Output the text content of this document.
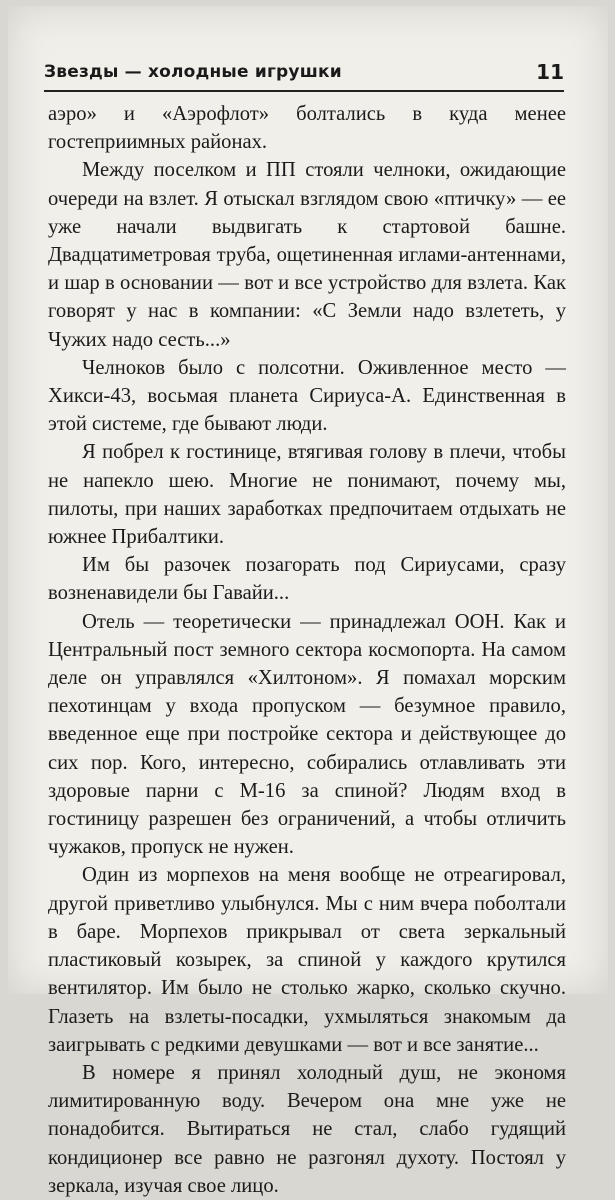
Звезды — холодные игрушки	11

аэро» и «Аэрофлот» болтались в куда менее гостеприимных районах.

Между поселком и ПП стояли челноки, ожидающие очереди на взлет. Я отыскал взглядом свою «птичку» — ее уже начали выдвигать к стартовой башне. Двадцатиметровая труба, ощетиненная иглами-антеннами, и шар в основании — вот и все устройство для взлета. Как говорят у нас в компании: «С Земли надо взлететь, у Чужих надо сесть...»

Челноков было с полсотни. Оживленное место — Хикси-43, восьмая планета Сириуса-А. Единственная в этой системе, где бывают люди.

Я побрел к гостинице, втягивая голову в плечи, чтобы не напекло шею. Многие не понимают, почему мы, пилоты, при наших заработках предпочитаем отдыхать не южнее Прибалтики.

Им бы разочек позагорать под Сириусами, сразу возненавидели бы Гавайи...

Отель — теоретически — принадлежал ООН. Как и Центральный пост земного сектора космопорта. На самом деле он управлялся «Хилтоном». Я помахал морским пехотинцам у входа пропуском — безумное правило, введенное еще при постройке сектора и действующее до сих пор. Кого, интересно, собирались отлавливать эти здоровые парни с М-16 за спиной? Людям вход в гостиницу разрешен без ограничений, а чтобы отличить чужаков, пропуск не нужен.

Один из морпехов на меня вообще не отреагировал, другой приветливо улыбнулся. Мы с ним вчера поболтали в баре. Морпехов прикрывал от света зеркальный пластиковый козырек, за спиной у каждого крутился вентилятор. Им было не столько жарко, сколько скучно. Глазеть на взлеты-посадки, ухмыляться знакомым да заигрывать с редкими девушками — вот и все занятие...

В номере я принял холодный душ, не экономя лимитированную воду. Вечером она мне уже не понадобится. Вытираться не стал, слабо гудящий кондиционер все равно не разгонял духоту. Постоял у зеркала, изучая свое лицо.
